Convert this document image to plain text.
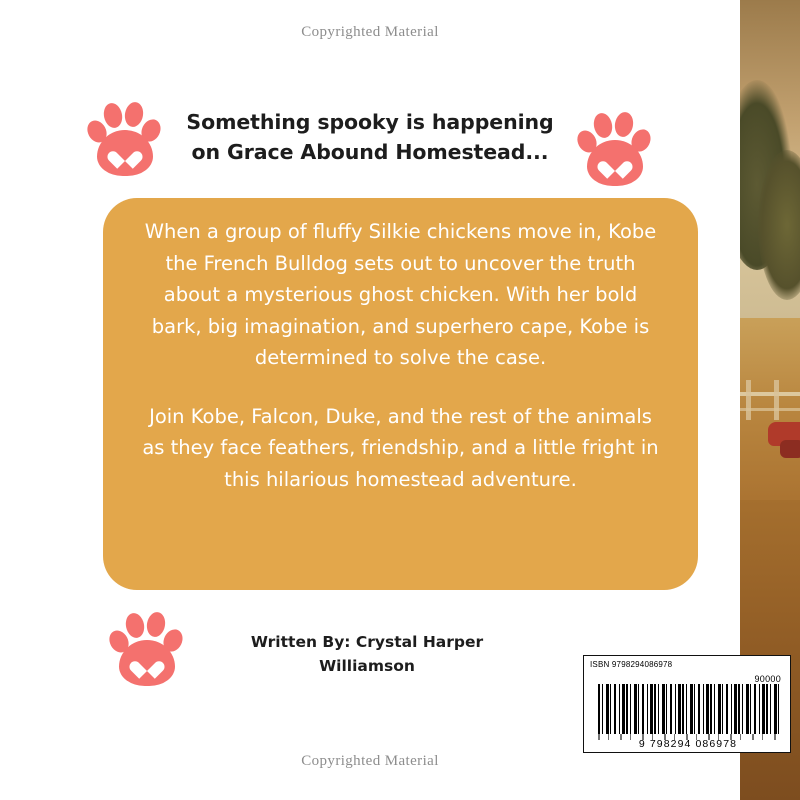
Copyrighted Material
Something spooky is happening on Grace Abound Homestead...

When a group of fluffy Silkie chickens move in, Kobe the French Bulldog sets out to uncover the truth about a mysterious ghost chicken. With her bold bark, big imagination, and superhero cape, Kobe is determined to solve the case.

Join Kobe, Falcon, Duke, and the rest of the animals as they face feathers, friendship, and a little fright in this hilarious homestead adventure.

Written By: Crystal Harper
Williamson	ISBN 9798294086978
90000
9 798294 086978
Copyrighted Material
